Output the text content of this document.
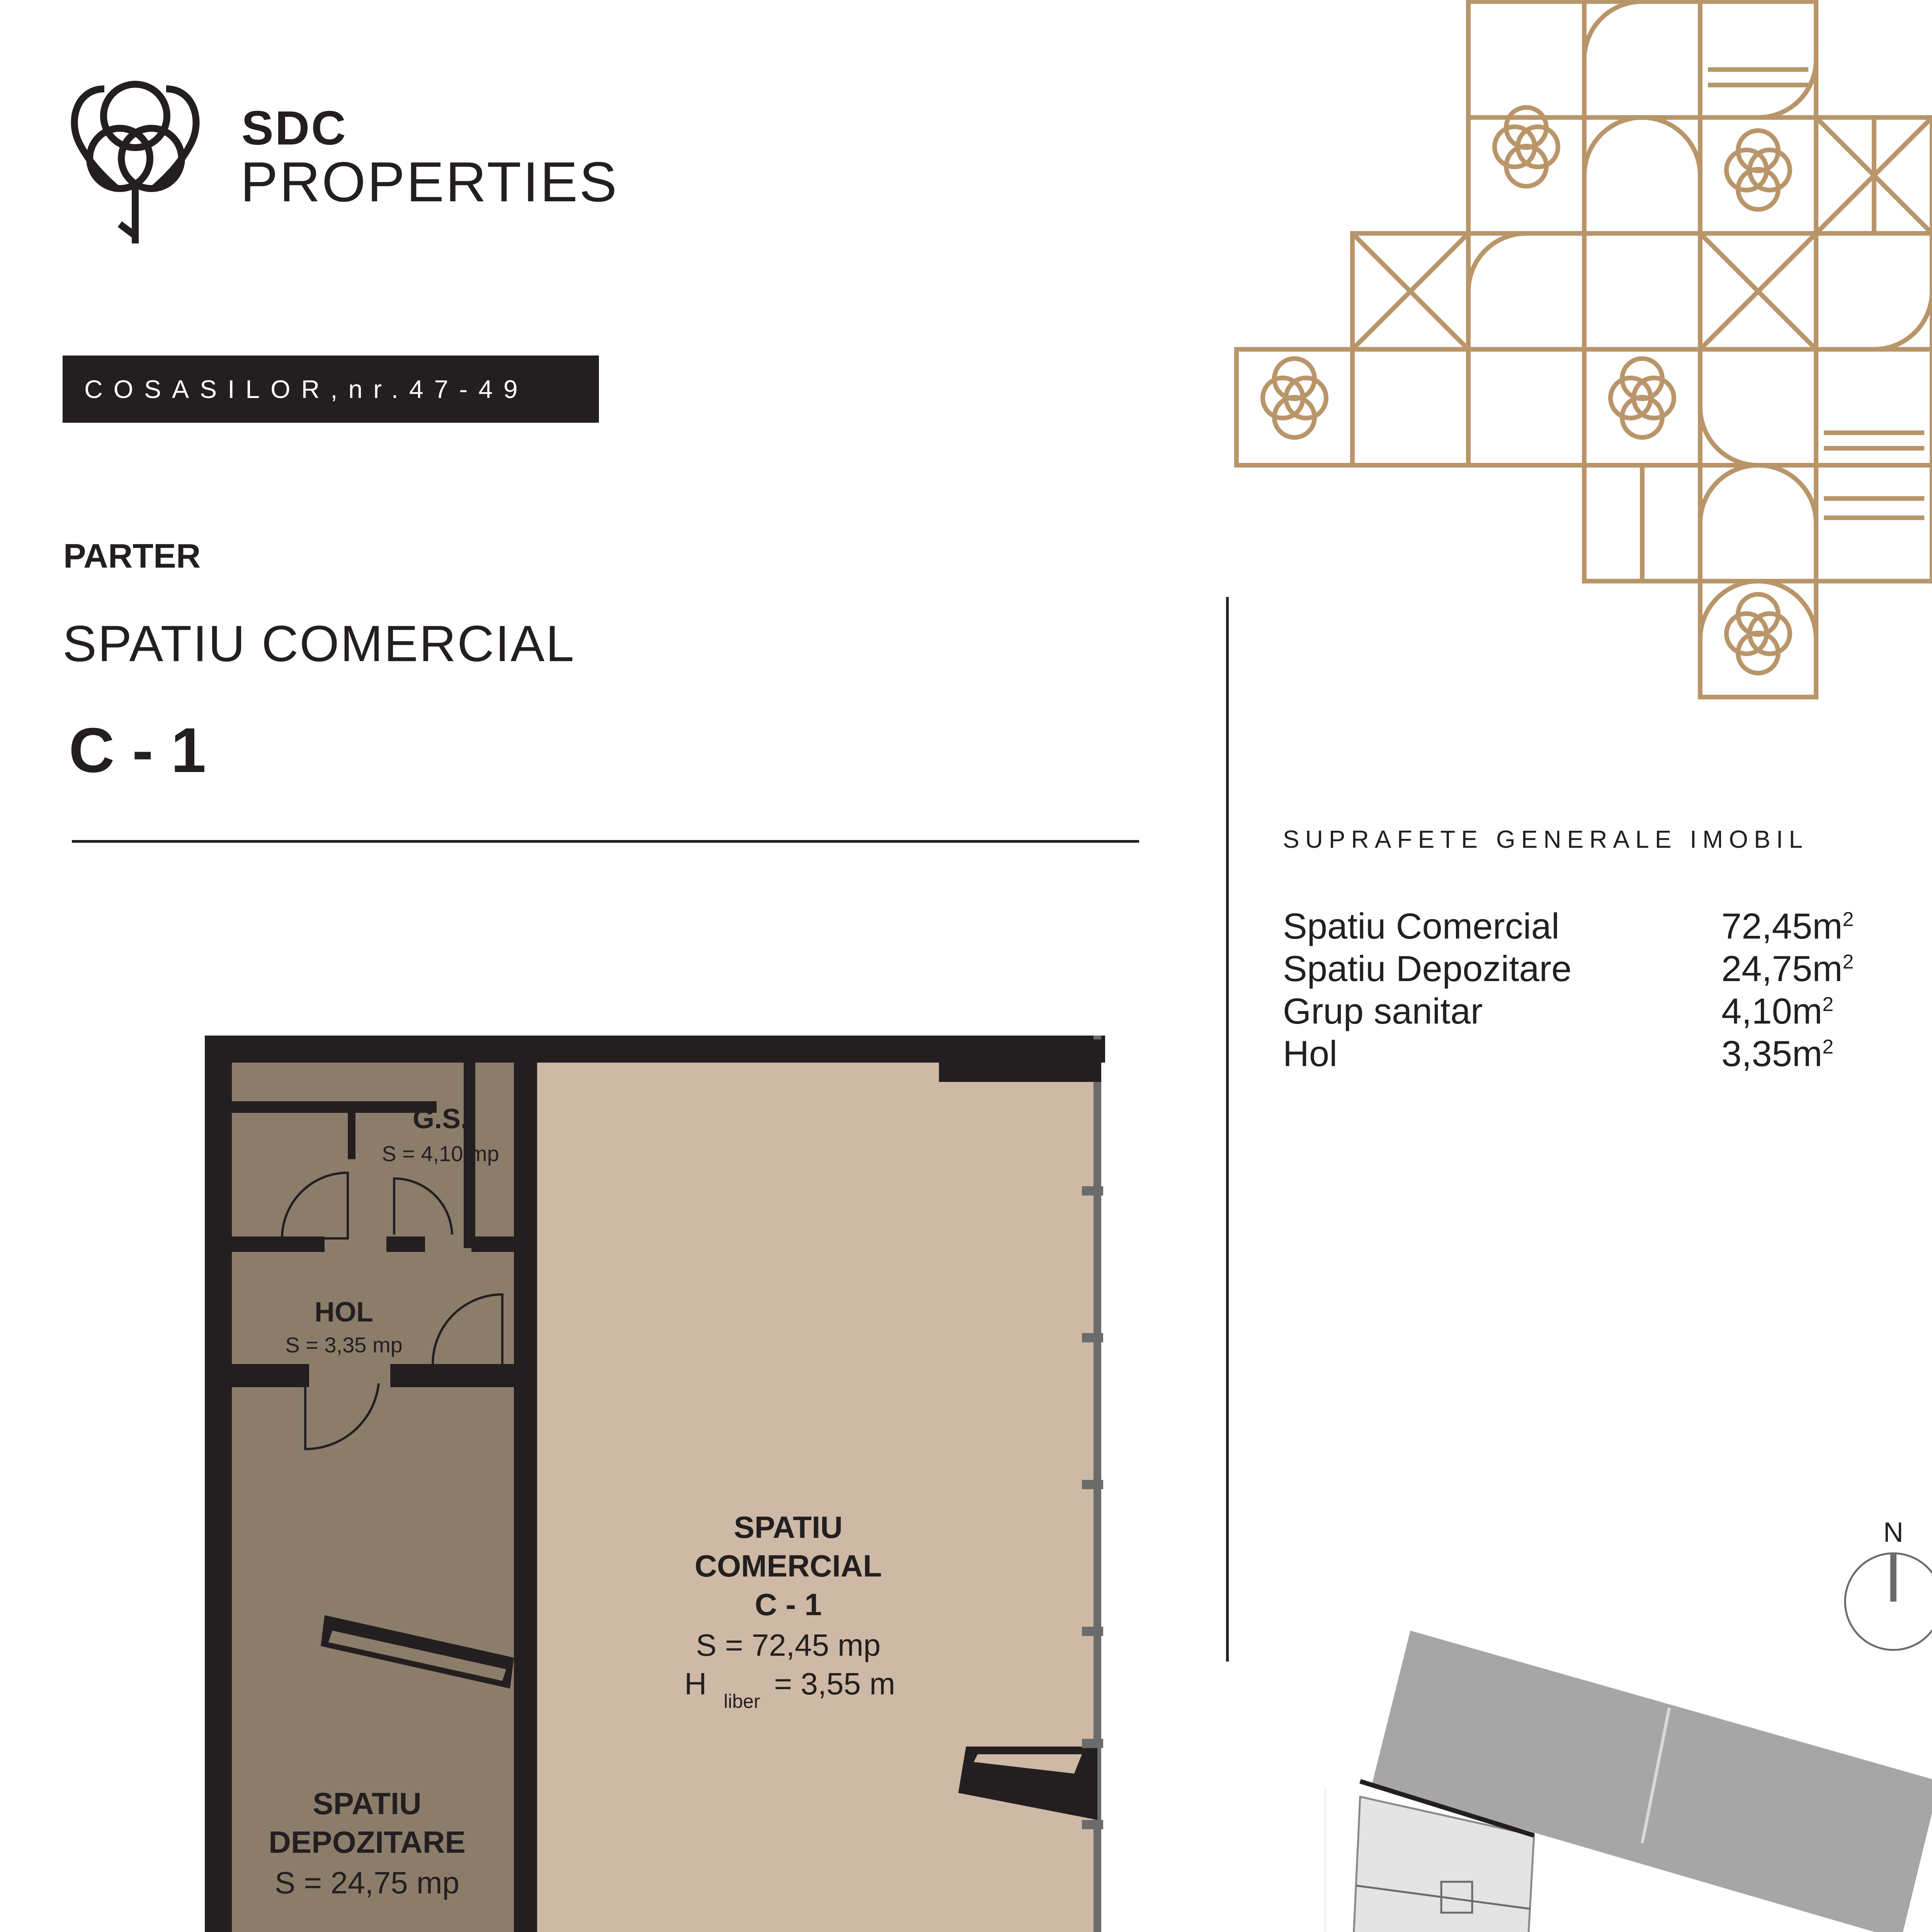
SDC
PROPERTIES
COSASILOR,nr.47-49
PARTER
SPATIU COMERCIAL
C - 1
SUPRAFETE GENERALE IMOBIL
Spatiu Comercial	$72,45m^2$
Spatiu Depozitare	$24,75m^2$
Grup sanitar	$4,10m^2$
Hol	$3,35m^2$
G.S.
S = 4,10 mp
HOL
S = 3,35 mp
SPATIU
COMERCIAL
C - 1
S = 72,45 mp
H
liber
= 3,55 m
SPATIU
DEPOZITARE
S = 24,75 mp
N
